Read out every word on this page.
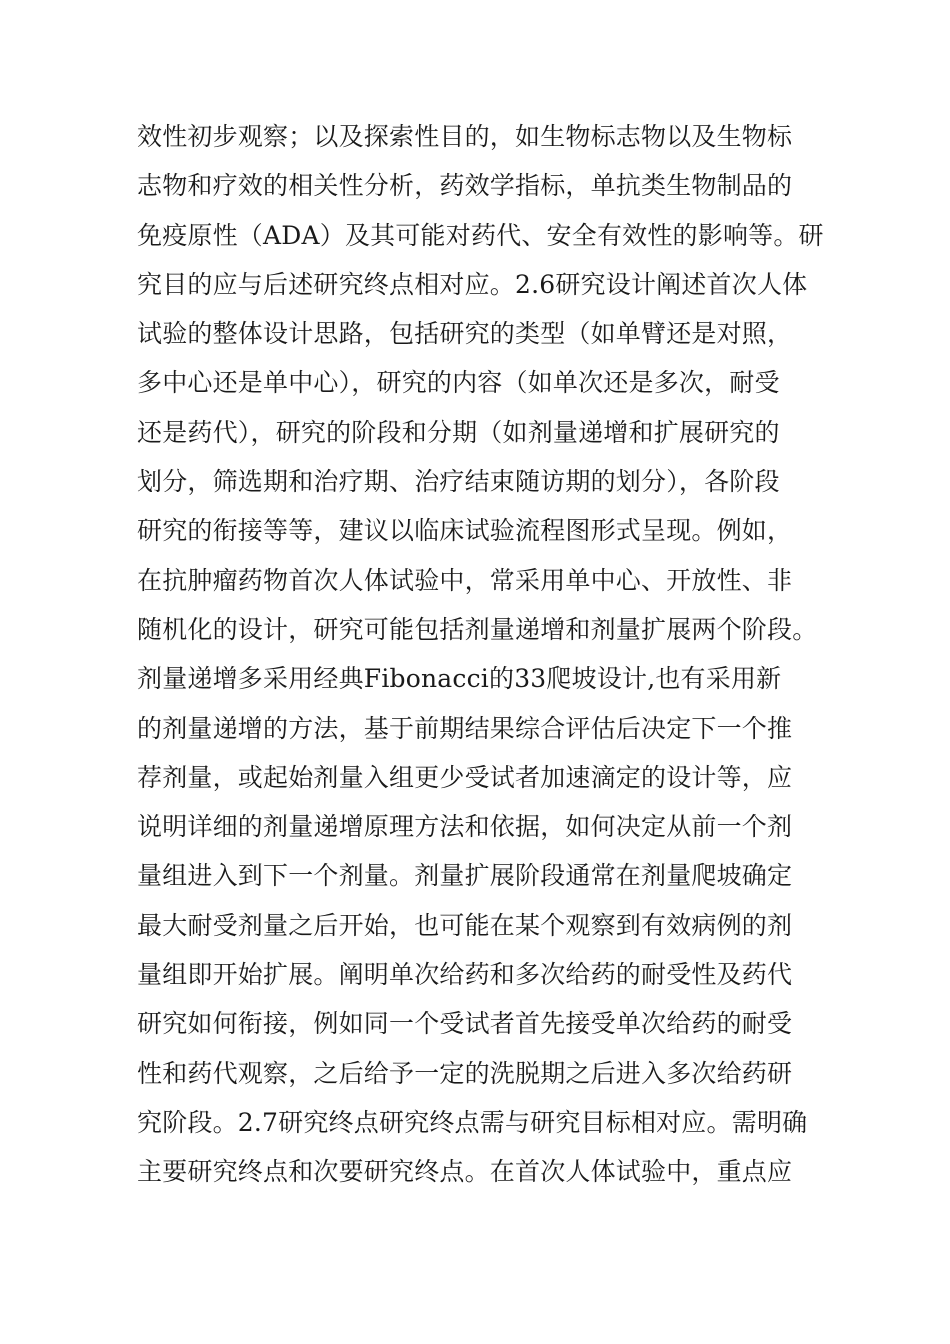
效性初步观察；以及探索性目的，如生物标志物以及生物标
志物和疗效的相关性分析，药效学指标，单抗类生物制品的
免疫原性（ADA）及其可能对药代、安全有效性的影响等。研
究目的应与后述研究终点相对应。2.6研究设计阐述首次人体
试验的整体设计思路，包括研究的类型（如单臂还是对照，
多中心还是单中心），研究的内容（如单次还是多次，耐受
还是药代），研究的阶段和分期（如剂量递增和扩展研究的
划分，筛选期和治疗期、治疗结束随访期的划分），各阶段
研究的衔接等等，建议以临床试验流程图形式呈现。例如，
在抗肿瘤药物首次人体试验中，常采用单中心、开放性、非
随机化的设计，研究可能包括剂量递增和剂量扩展两个阶段。
剂量递增多采用经典Fibonacci的33爬坡设计,也有采用新
的剂量递增的方法，基于前期结果综合评估后决定下一个推
荐剂量，或起始剂量入组更少受试者加速滴定的设计等，应
说明详细的剂量递增原理方法和依据，如何决定从前一个剂
量组进入到下一个剂量。剂量扩展阶段通常在剂量爬坡确定
最大耐受剂量之后开始，也可能在某个观察到有效病例的剂
量组即开始扩展。阐明单次给药和多次给药的耐受性及药代
研究如何衔接，例如同一个受试者首先接受单次给药的耐受
性和药代观察，之后给予一定的洗脱期之后进入多次给药研
究阶段。2.7研究终点研究终点需与研究目标相对应。需明确
主要研究终点和次要研究终点。在首次人体试验中，重点应
